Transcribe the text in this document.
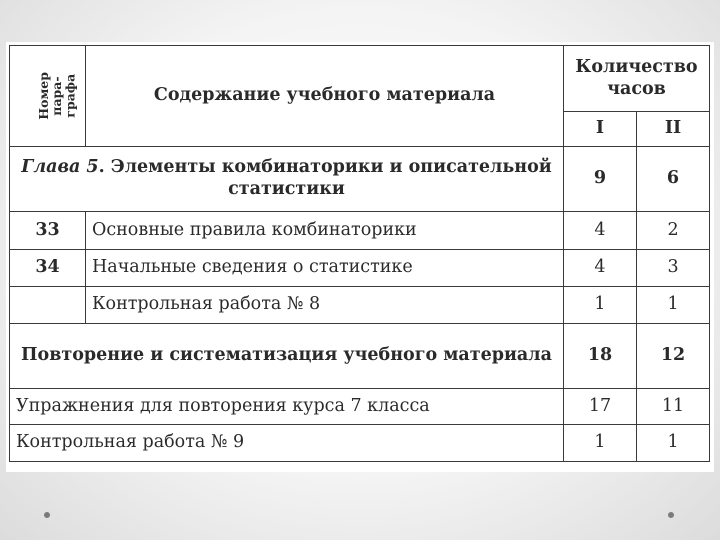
Номер
пара-
графа	Содержание учебного материала	Количество часов	
		I	II
Глава 5. Элементы комбинаторики и описательной статистики		9	6
33	Основные правила комбинаторики	4	2
34	Начальные сведения о статистике	4	3
	Контрольная работа № 8	1	1
Повторение и систематизация учебного материала		18	12
Упражнения для повторения курса 7 класса		17	11
Контрольная работа № 9		1	1
